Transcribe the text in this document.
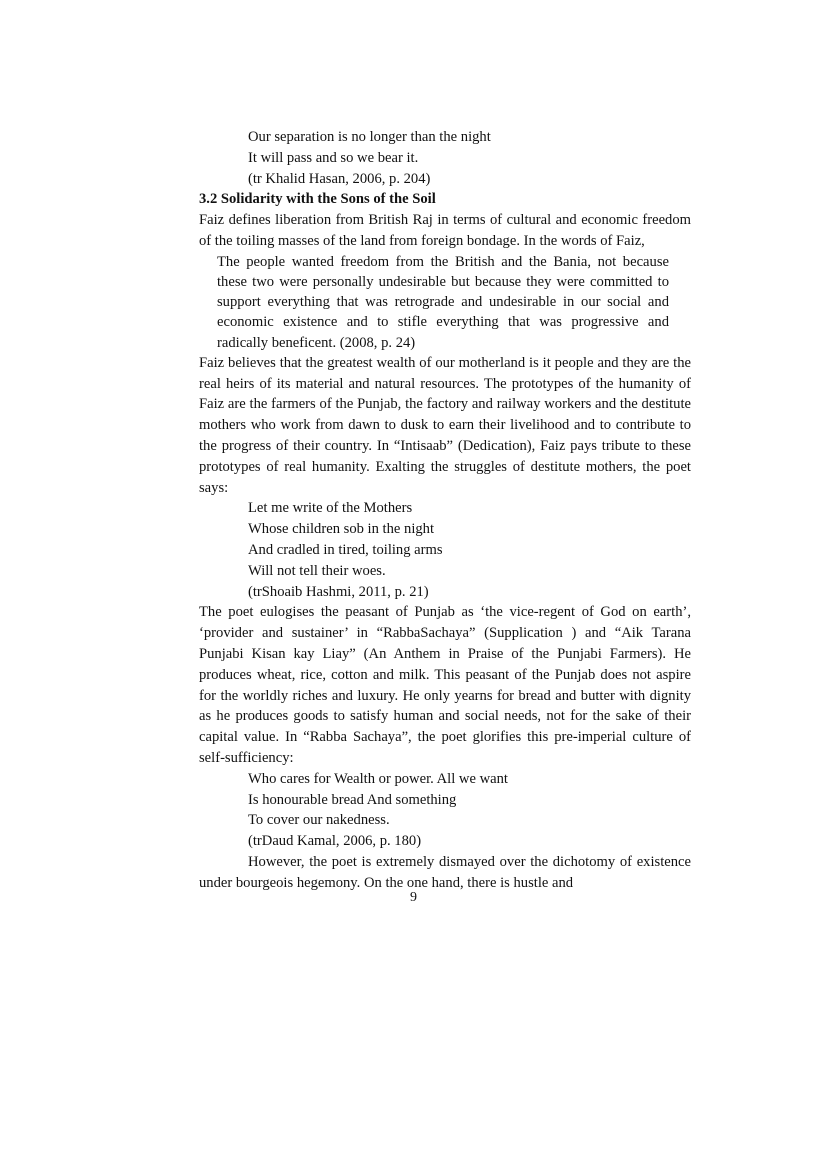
Our separation is no longer than the night
It will pass and so we bear it.
(tr Khalid Hasan, 2006, p. 204)
3.2 Solidarity with the Sons of the Soil
Faiz defines liberation from British Raj in terms of cultural and economic freedom of the toiling masses of the land from foreign bondage. In the words of Faiz,
The people wanted freedom from the British and the Bania, not because these two were personally undesirable but because they were committed to support everything that was retrograde and undesirable in our social and economic existence and to stifle everything that was progressive and radically beneficent. (2008, p. 24)
Faiz believes that the greatest wealth of our motherland is it people and they are the real heirs of its material and natural resources. The prototypes of the humanity of Faiz are the farmers of the Punjab, the factory and railway workers and the destitute mothers who work from dawn to dusk to earn their livelihood and to contribute to the progress of their country. In “Intisaab” (Dedication), Faiz pays tribute to these prototypes of real humanity. Exalting the struggles of destitute mothers, the poet says:
Let me write of the Mothers
Whose children sob in the night
And cradled in tired, toiling arms
Will not tell their woes.
(trShoaib Hashmi, 2011, p. 21)
The poet eulogises the peasant of Punjab as ‘the vice-regent of God on earth’, ‘provider and sustainer’ in “RabbaSachaya” (Supplication ) and “Aik Tarana Punjabi Kisan kay Liay” (An Anthem in Praise of the Punjabi Farmers). He produces wheat, rice, cotton and milk. This peasant of the Punjab does not aspire for the worldly riches and luxury. He only yearns for bread and butter with dignity as he produces goods to satisfy human and social needs, not for the sake of their capital value. In “Rabba Sachaya”, the poet glorifies this pre-imperial culture of self-sufficiency:
Who cares for Wealth or power. All we want
Is honourable bread And something
To cover our nakedness.
(trDaud Kamal, 2006, p. 180)
However, the poet is extremely dismayed over the dichotomy of existence under bourgeois hegemony. On the one hand, there is hustle and
9
